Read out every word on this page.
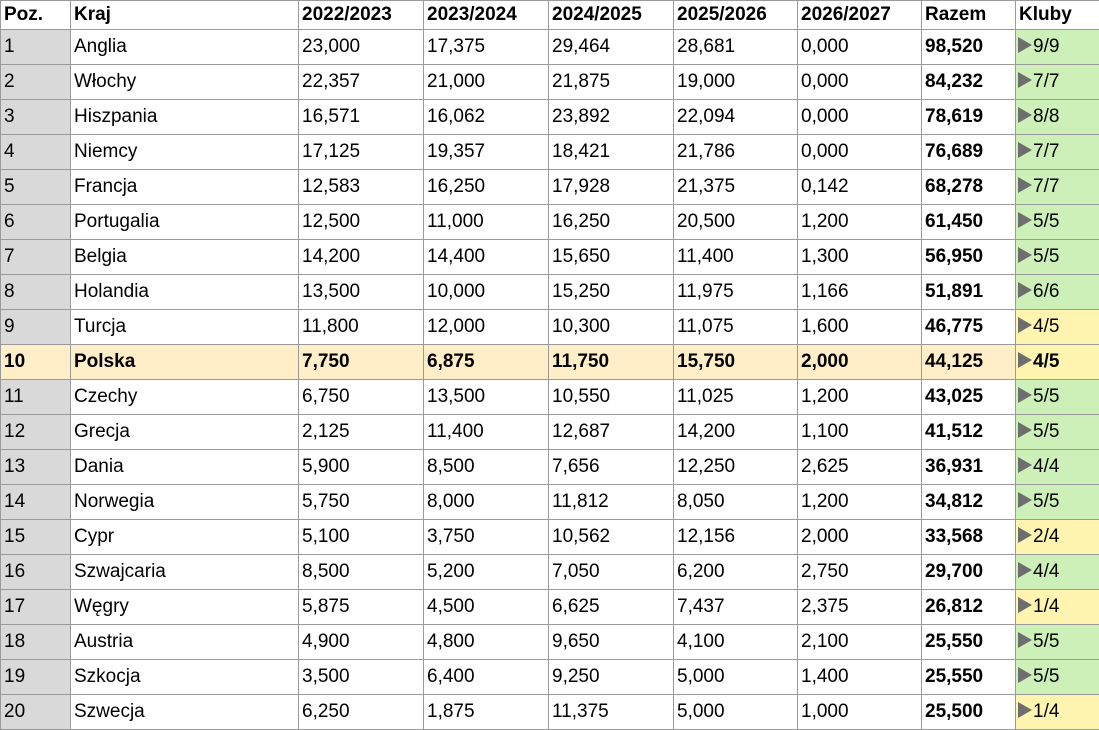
Poz.	Kraj	2022/2023	2023/2024	2024/2025	2025/2026	2026/2027	Razem	Kluby
1	Anglia	23,000	17,375	29,464	28,681	0,000	98,520	9/9
2	Włochy	22,357	21,000	21,875	19,000	0,000	84,232	7/7
3	Hiszpania	16,571	16,062	23,892	22,094	0,000	78,619	8/8
4	Niemcy	17,125	19,357	18,421	21,786	0,000	76,689	7/7
5	Francja	12,583	16,250	17,928	21,375	0,142	68,278	7/7
6	Portugalia	12,500	11,000	16,250	20,500	1,200	61,450	5/5
7	Belgia	14,200	14,400	15,650	11,400	1,300	56,950	5/5
8	Holandia	13,500	10,000	15,250	11,975	1,166	51,891	6/6
9	Turcja	11,800	12,000	10,300	11,075	1,600	46,775	4/5
10	Polska	7,750	6,875	11,750	15,750	2,000	44,125	4/5
11	Czechy	6,750	13,500	10,550	11,025	1,200	43,025	5/5
12	Grecja	2,125	11,400	12,687	14,200	1,100	41,512	5/5
13	Dania	5,900	8,500	7,656	12,250	2,625	36,931	4/4
14	Norwegia	5,750	8,000	11,812	8,050	1,200	34,812	5/5
15	Cypr	5,100	3,750	10,562	12,156	2,000	33,568	2/4
16	Szwajcaria	8,500	5,200	7,050	6,200	2,750	29,700	4/4
17	Węgry	5,875	4,500	6,625	7,437	2,375	26,812	1/4
18	Austria	4,900	4,800	9,650	4,100	2,100	25,550	5/5
19	Szkocja	3,500	6,400	9,250	5,000	1,400	25,550	5/5
20	Szwecja	6,250	1,875	11,375	5,000	1,000	25,500	1/4
